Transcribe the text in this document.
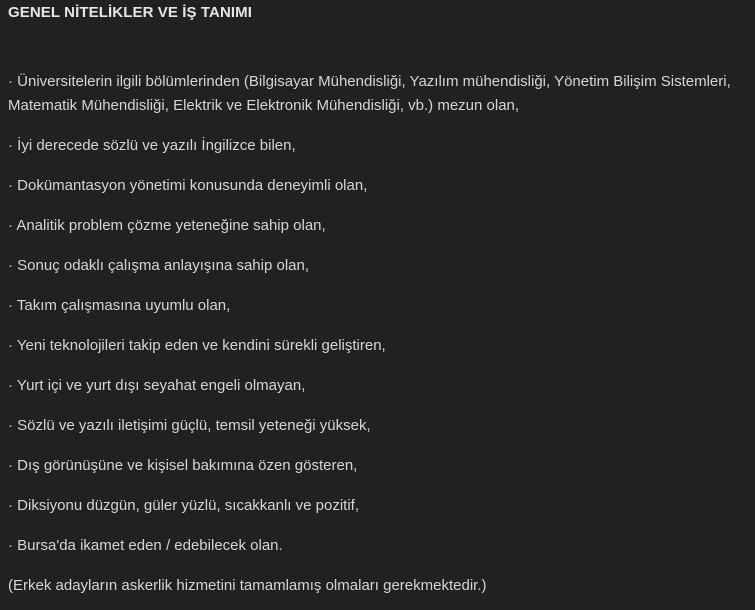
GENEL NİTELİKLER VE İŞ TANIMI
· Üniversitelerin ilgili bölümlerinden (Bilgisayar Mühendisliği, Yazılım mühendisliği, Yönetim Bilişim Sistemleri, Matematik Mühendisliği, Elektrik ve Elektronik Mühendisliği, vb.) mezun olan,
· İyi derecede sözlü ve yazılı İngilizce bilen,
· Dokümantasyon yönetimi konusunda deneyimli olan,
· Analitik problem çözme yeteneğine sahip olan,
· Sonuç odaklı çalışma anlayışına sahip olan,
· Takım çalışmasına uyumlu olan,
· Yeni teknolojileri takip eden ve kendini sürekli geliştiren,
· Yurt içi ve yurt dışı seyahat engeli olmayan,
· Sözlü ve yazılı iletişimi güçlü, temsil yeteneği yüksek,
· Dış görünüşüne ve kişisel bakımına özen gösteren,
· Diksiyonu düzgün, güler yüzlü, sıcakkanlı ve pozitif,
· Bursa'da ikamet eden / edebilecek olan.

(Erkek adayların askerlik hizmetini tamamlamış olmaları gerekmektedir.)
